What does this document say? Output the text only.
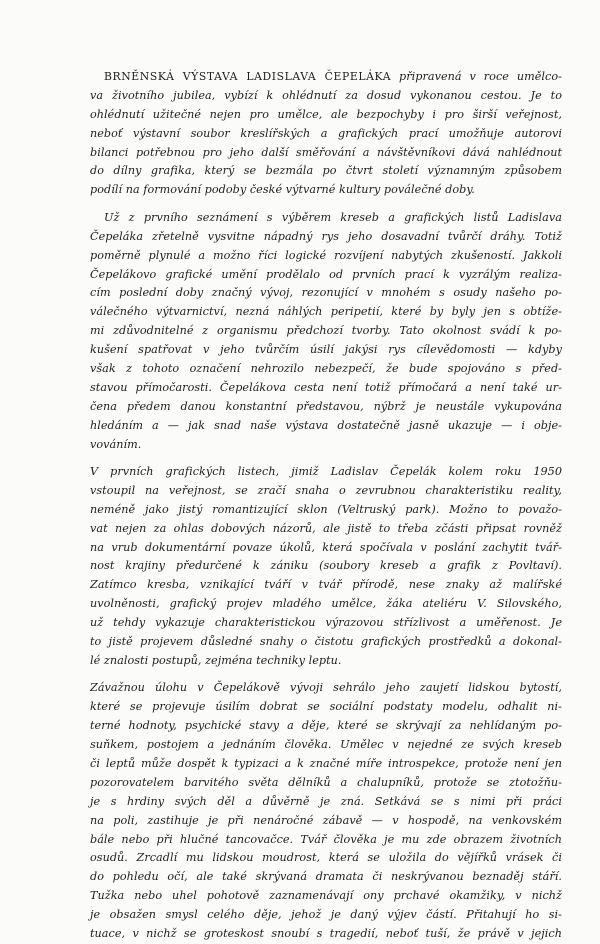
BRNĚNSKÁ VÝSTAVA LADISLAVA ČEPELÁKA připravená v roce umělco-
va životního jubilea, vybízí k ohlédnutí za dosud vykonanou cestou. Je to
ohlédnutí užitečné nejen pro umělce, ale bezpochyby i pro širší veřejnost,
neboť výstavní soubor kreslířských a grafických prací umožňuje autorovi
bilanci potřebnou pro jeho další směřování a návštěvníkovi dává nahlédnout
do dílny grafika, který se bezmála po čtvrt století významným způsobem
podílí na formování podoby české výtvarné kultury poválečné doby.
Už z prvního seznámení s výběrem kreseb a grafických listů Ladislava
Čepeláka zřetelně vysvitne nápadný rys jeho dosavadní tvůrčí dráhy. Totiž
poměrně plynulé a možno říci logické rozvíjení nabytých zkušeností. Jakkoli
Čepelákovo grafické umění prodělalo od prvních prací k vyzrálým realiza-
cím poslední doby značný vývoj, rezonující v mnohém s osudy našeho po-
válečného výtvarnictví, nezná náhlých peripetií, které by byly jen s obtíže-
mi zdůvodnitelné z organismu předchozí tvorby. Tato okolnost svádí k po-
kušení spatřovat v jeho tvůrčím úsilí jakýsi rys cílevědomosti — kdyby
však z tohoto označení nehrozilo nebezpečí, že bude spojováno s před-
stavou přímočarosti. Čepelákova cesta není totiž přímočará a není také ur-
čena předem danou konstantní představou, nýbrž je neustále vykupována
hledáním a — jak snad naše výstava dostatečně jasně ukazuje — i obje-
vováním.
V prvních grafických listech, jimiž Ladislav Čepelák kolem roku 1950
vstoupil na veřejnost, se zračí snaha o zevrubnou charakteristiku reality,
neméně jako jistý romantizující sklon (Veltruský park). Možno to považo-
vat nejen za ohlas dobových názorů, ale jistě to třeba zčásti připsat rovněž
na vrub dokumentární povaze úkolů, která spočívala v poslání zachytit tvář-
nost krajiny předurčené k zániku (soubory kreseb a grafik z Povltaví).
Zatímco kresba, vznikající tváří v tvář přírodě, nese znaky až malířské
uvolněnosti, grafický projev mladého umělce, žáka ateliéru V. Silovského,
už tehdy vykazuje charakteristickou výrazovou střízlivost a uměřenost. Je
to jistě projevem důsledné snahy o čistotu grafických prostředků a dokonal-
lé znalosti postupů, zejména techniky leptu.
Závažnou úlohu v Čepelákově vývoji sehrálo jeho zaujetí lidskou bytostí,
které se projevuje úsilím dobrat se sociální podstaty modelu, odhalit ni-
terné hodnoty, psychické stavy a děje, které se skrývají za nehlídaným po-
suňkem, postojem a jednáním člověka. Umělec v nejedné ze svých kreseb
či leptů může dospět k typizaci a k značné míře introspekce, protože není jen
pozorovatelem barvitého světa dělníků a chalupníků, protože se ztotožňu-
je s hrdiny svých děl a důvěrně je zná. Setkává se s nimi při práci
na poli, zastihuje je při nenáročné zábavě — v hospodě, na venkovském
bále nebo při hlučné tancovačce. Tvář člověka je mu zde obrazem životních
osudů. Zrcadlí mu lidskou moudrost, která se uložila do vějířků vrásek či
do pohledu očí, ale také skrývaná dramata či neskrývanou beznaděj stáří.
Tužka nebo uhel pohotově zaznamenávají ony prchavé okamžiky, v nichž
je obsažen smysl celého děje, jehož je daný výjev částí. Přitahují ho si-
tuace, v nichž se groteskost snoubí s tragedií, neboť tuší, že právě v jejich
